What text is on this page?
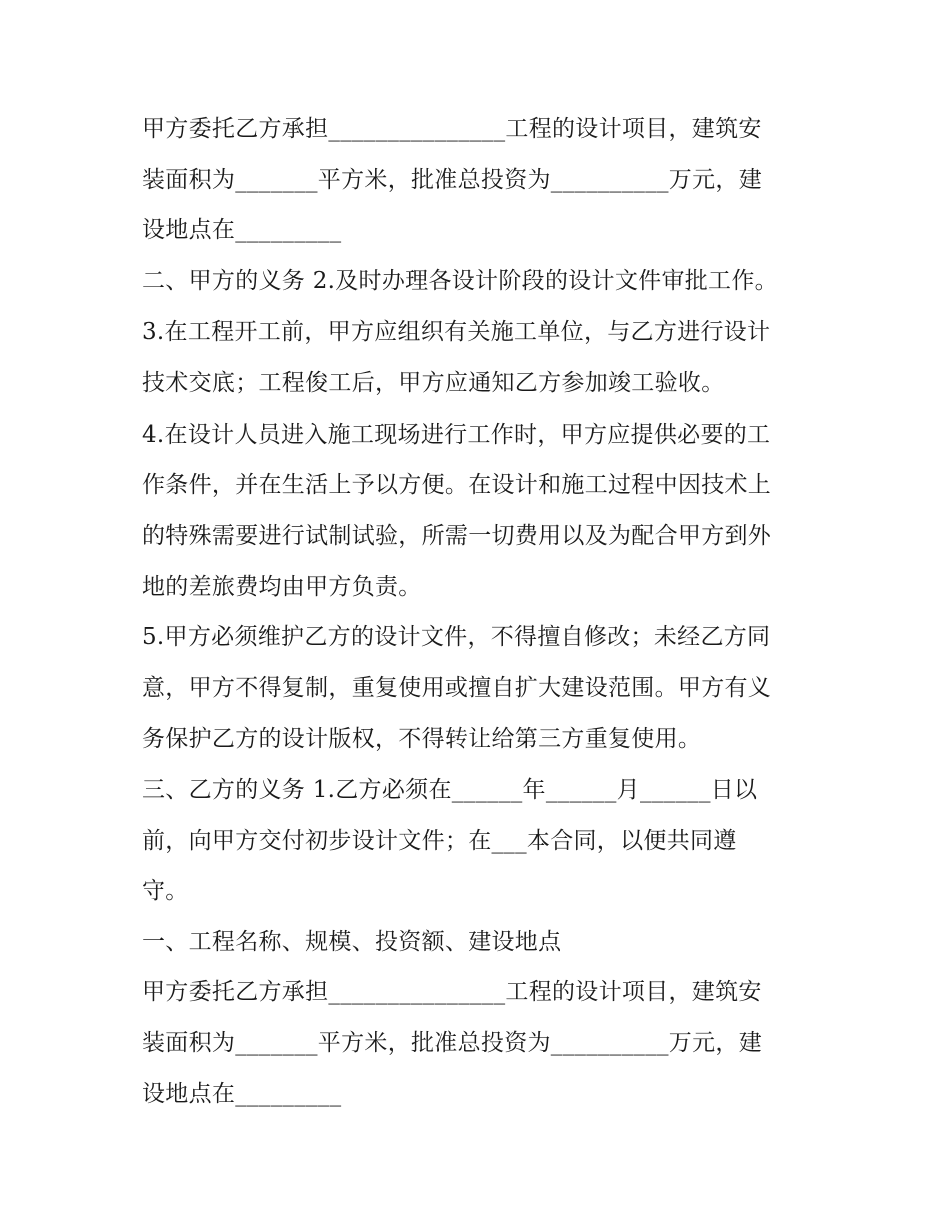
甲方委托乙方承担_______________工程的设计项目，建筑安

装面积为_______平方米，批准总投资为__________万元，建

设地点在_________

二、甲方的义务 2.及时办理各设计阶段的设计文件审批工作。

3.在工程开工前，甲方应组织有关施工单位，与乙方进行设计

技术交底；工程俊工后，甲方应通知乙方参加竣工验收。

4.在设计人员进入施工现场进行工作时，甲方应提供必要的工

作条件，并在生活上予以方便。在设计和施工过程中因技术上

的特殊需要进行试制试验，所需一切费用以及为配合甲方到外

地的差旅费均由甲方负责。

5.甲方必须维护乙方的设计文件，不得擅自修改；未经乙方同

意，甲方不得复制，重复使用或擅自扩大建设范围。甲方有义

务保护乙方的设计版权，不得转让给第三方重复使用。

三、乙方的义务 1.乙方必须在______年______月______日以

前，向甲方交付初步设计文件；在___本合同，以便共同遵

守。

一、工程名称、规模、投资额、建设地点

甲方委托乙方承担_______________工程的设计项目，建筑安

装面积为_______平方米，批准总投资为__________万元，建

设地点在_________
